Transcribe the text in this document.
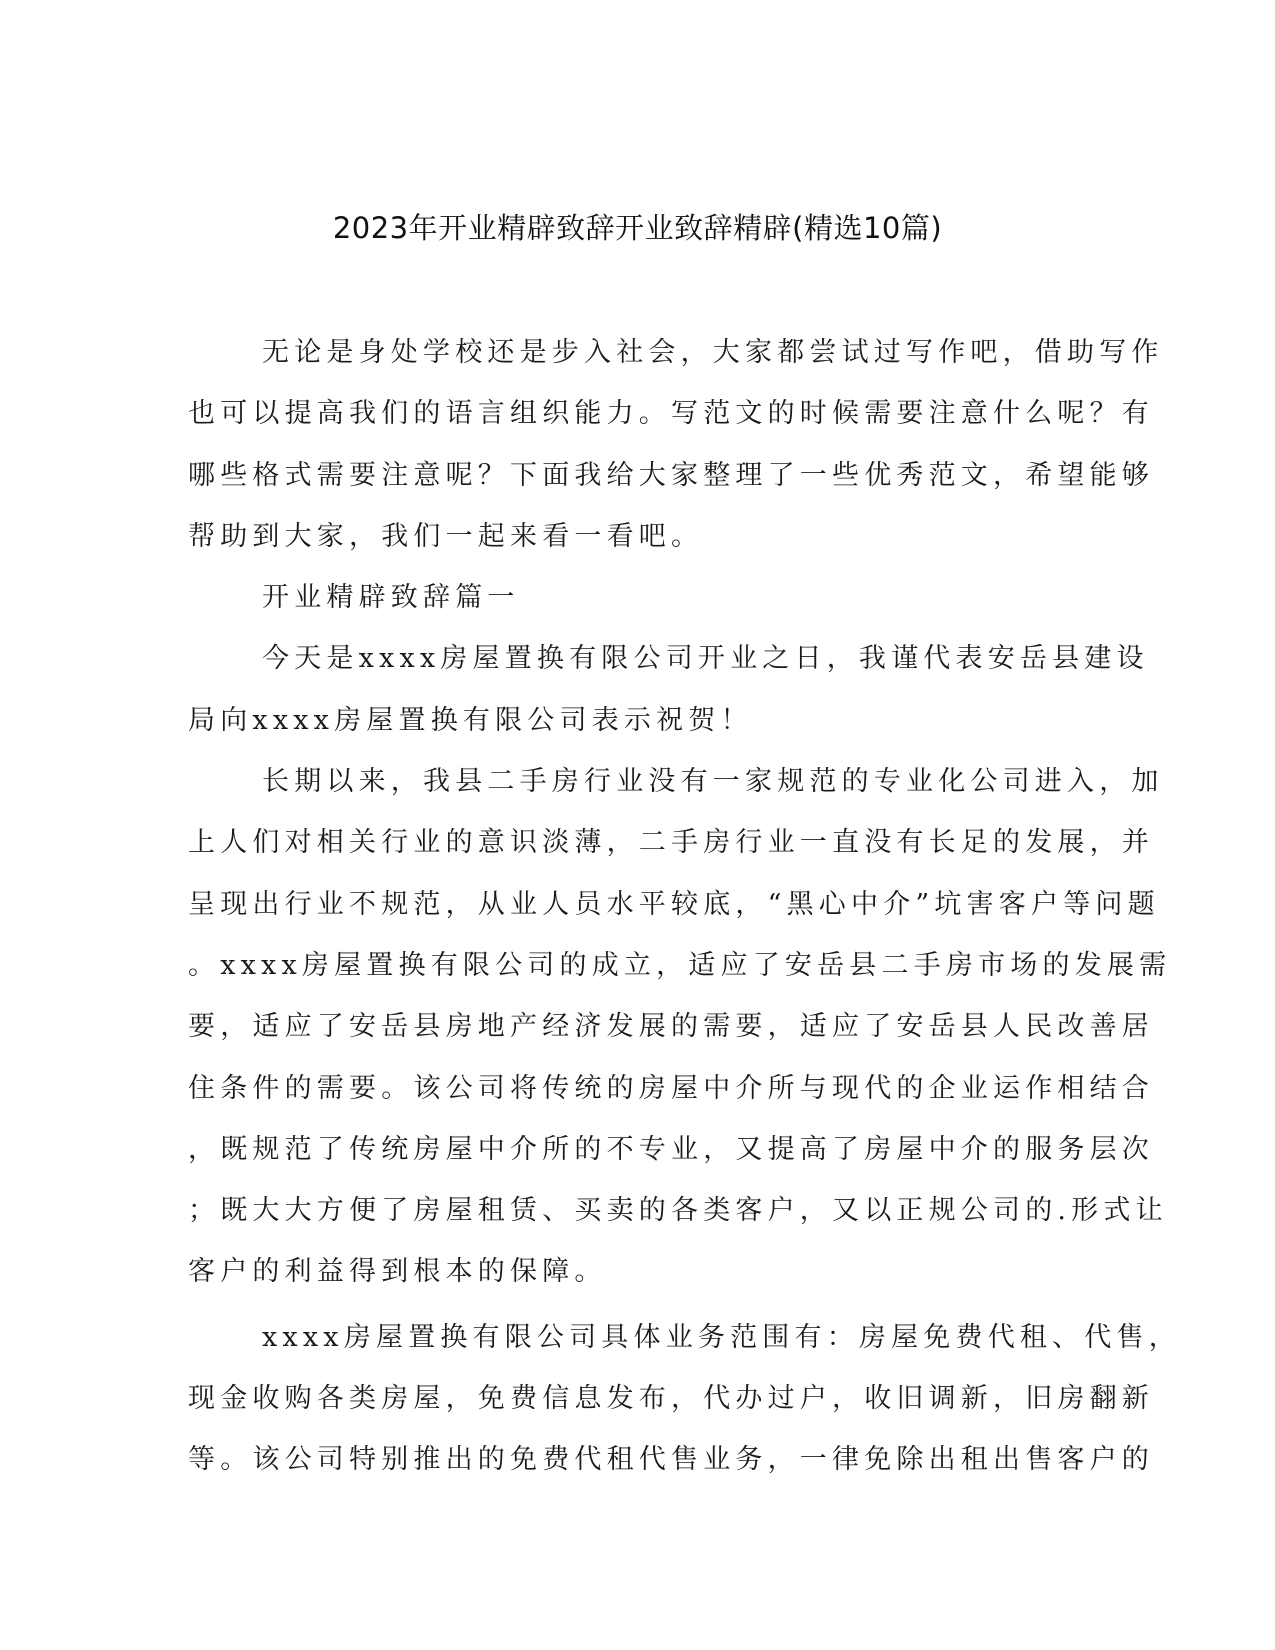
2023年开业精辟致辞开业致辞精辟(精选10篇)
无论是身处学校还是步入社会，大家都尝试过写作吧，借助写作
也可以提高我们的语言组织能力。写范文的时候需要注意什么呢？有
哪些格式需要注意呢？下面我给大家整理了一些优秀范文，希望能够
帮助到大家，我们一起来看一看吧。
开业精辟致辞篇一
今天是xxxx房屋置换有限公司开业之日，我谨代表安岳县建设
局向xxxx房屋置换有限公司表示祝贺！
长期以来，我县二手房行业没有一家规范的专业化公司进入，加
上人们对相关行业的意识淡薄，二手房行业一直没有长足的发展，并
呈现出行业不规范，从业人员水平较底，“黑心中介”坑害客户等问题
。xxxx房屋置换有限公司的成立，适应了安岳县二手房市场的发展需
要，适应了安岳县房地产经济发展的需要，适应了安岳县人民改善居
住条件的需要。该公司将传统的房屋中介所与现代的企业运作相结合
，既规范了传统房屋中介所的不专业，又提高了房屋中介的服务层次
；既大大方便了房屋租赁、买卖的各类客户，又以正规公司的.形式让
客户的利益得到根本的保障。
xxxx房屋置换有限公司具体业务范围有：房屋免费代租、代售，
现金收购各类房屋，免费信息发布，代办过户，收旧调新，旧房翻新
等。该公司特别推出的免费代租代售业务，一律免除出租出售客户的
